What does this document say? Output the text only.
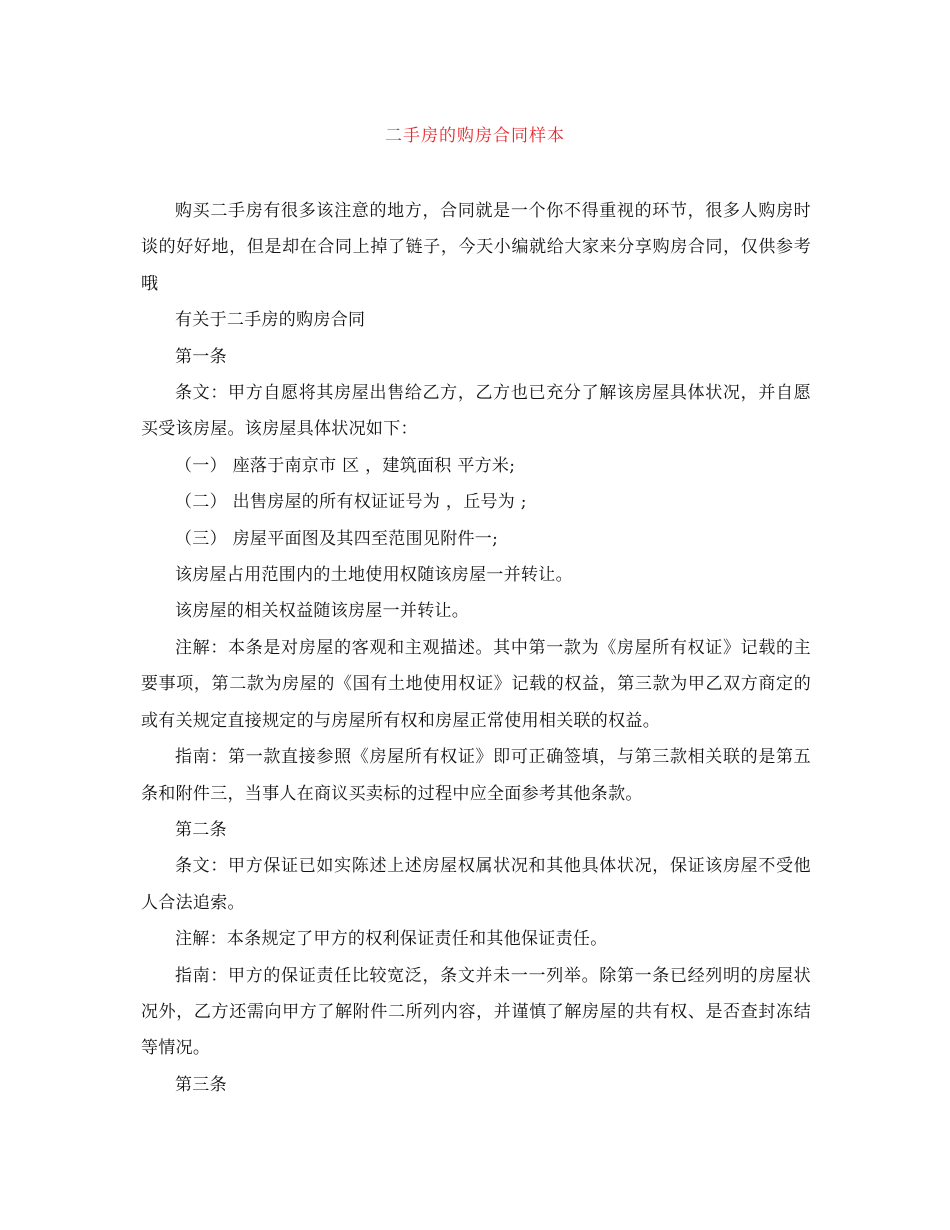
二手房的购房合同样本

购买二手房有很多该注意的地方，合同就是一个你不得重视的环节，很多人购房时谈的好好地，但是却在合同上掉了链子，今天小编就给大家来分享购房合同，仅供参考哦

有关于二手房的购房合同

第一条

条文：甲方自愿将其房屋出售给乙方，乙方也已充分了解该房屋具体状况，并自愿买受该房屋。该房屋具体状况如下：

（一） 座落于南京市 区 ，建筑面积 平方米;

（二） 出售房屋的所有权证证号为 ，丘号为 ;

（三） 房屋平面图及其四至范围见附件一;

该房屋占用范围内的土地使用权随该房屋一并转让。

该房屋的相关权益随该房屋一并转让。

注解：本条是对房屋的客观和主观描述。其中第一款为《房屋所有权证》记载的主要事项，第二款为房屋的《国有土地使用权证》记载的权益，第三款为甲乙双方商定的或有关规定直接规定的与房屋所有权和房屋正常使用相关联的权益。

指南：第一款直接参照《房屋所有权证》即可正确签填，与第三款相关联的是第五条和附件三，当事人在商议买卖标的过程中应全面参考其他条款。

第二条

条文：甲方保证已如实陈述上述房屋权属状况和其他具体状况，保证该房屋不受他人合法追索。

注解：本条规定了甲方的权利保证责任和其他保证责任。

指南：甲方的保证责任比较宽泛，条文并未一一列举。除第一条已经列明的房屋状况外，乙方还需向甲方了解附件二所列内容，并谨慎了解房屋的共有权、是否查封冻结等情况。

第三条
